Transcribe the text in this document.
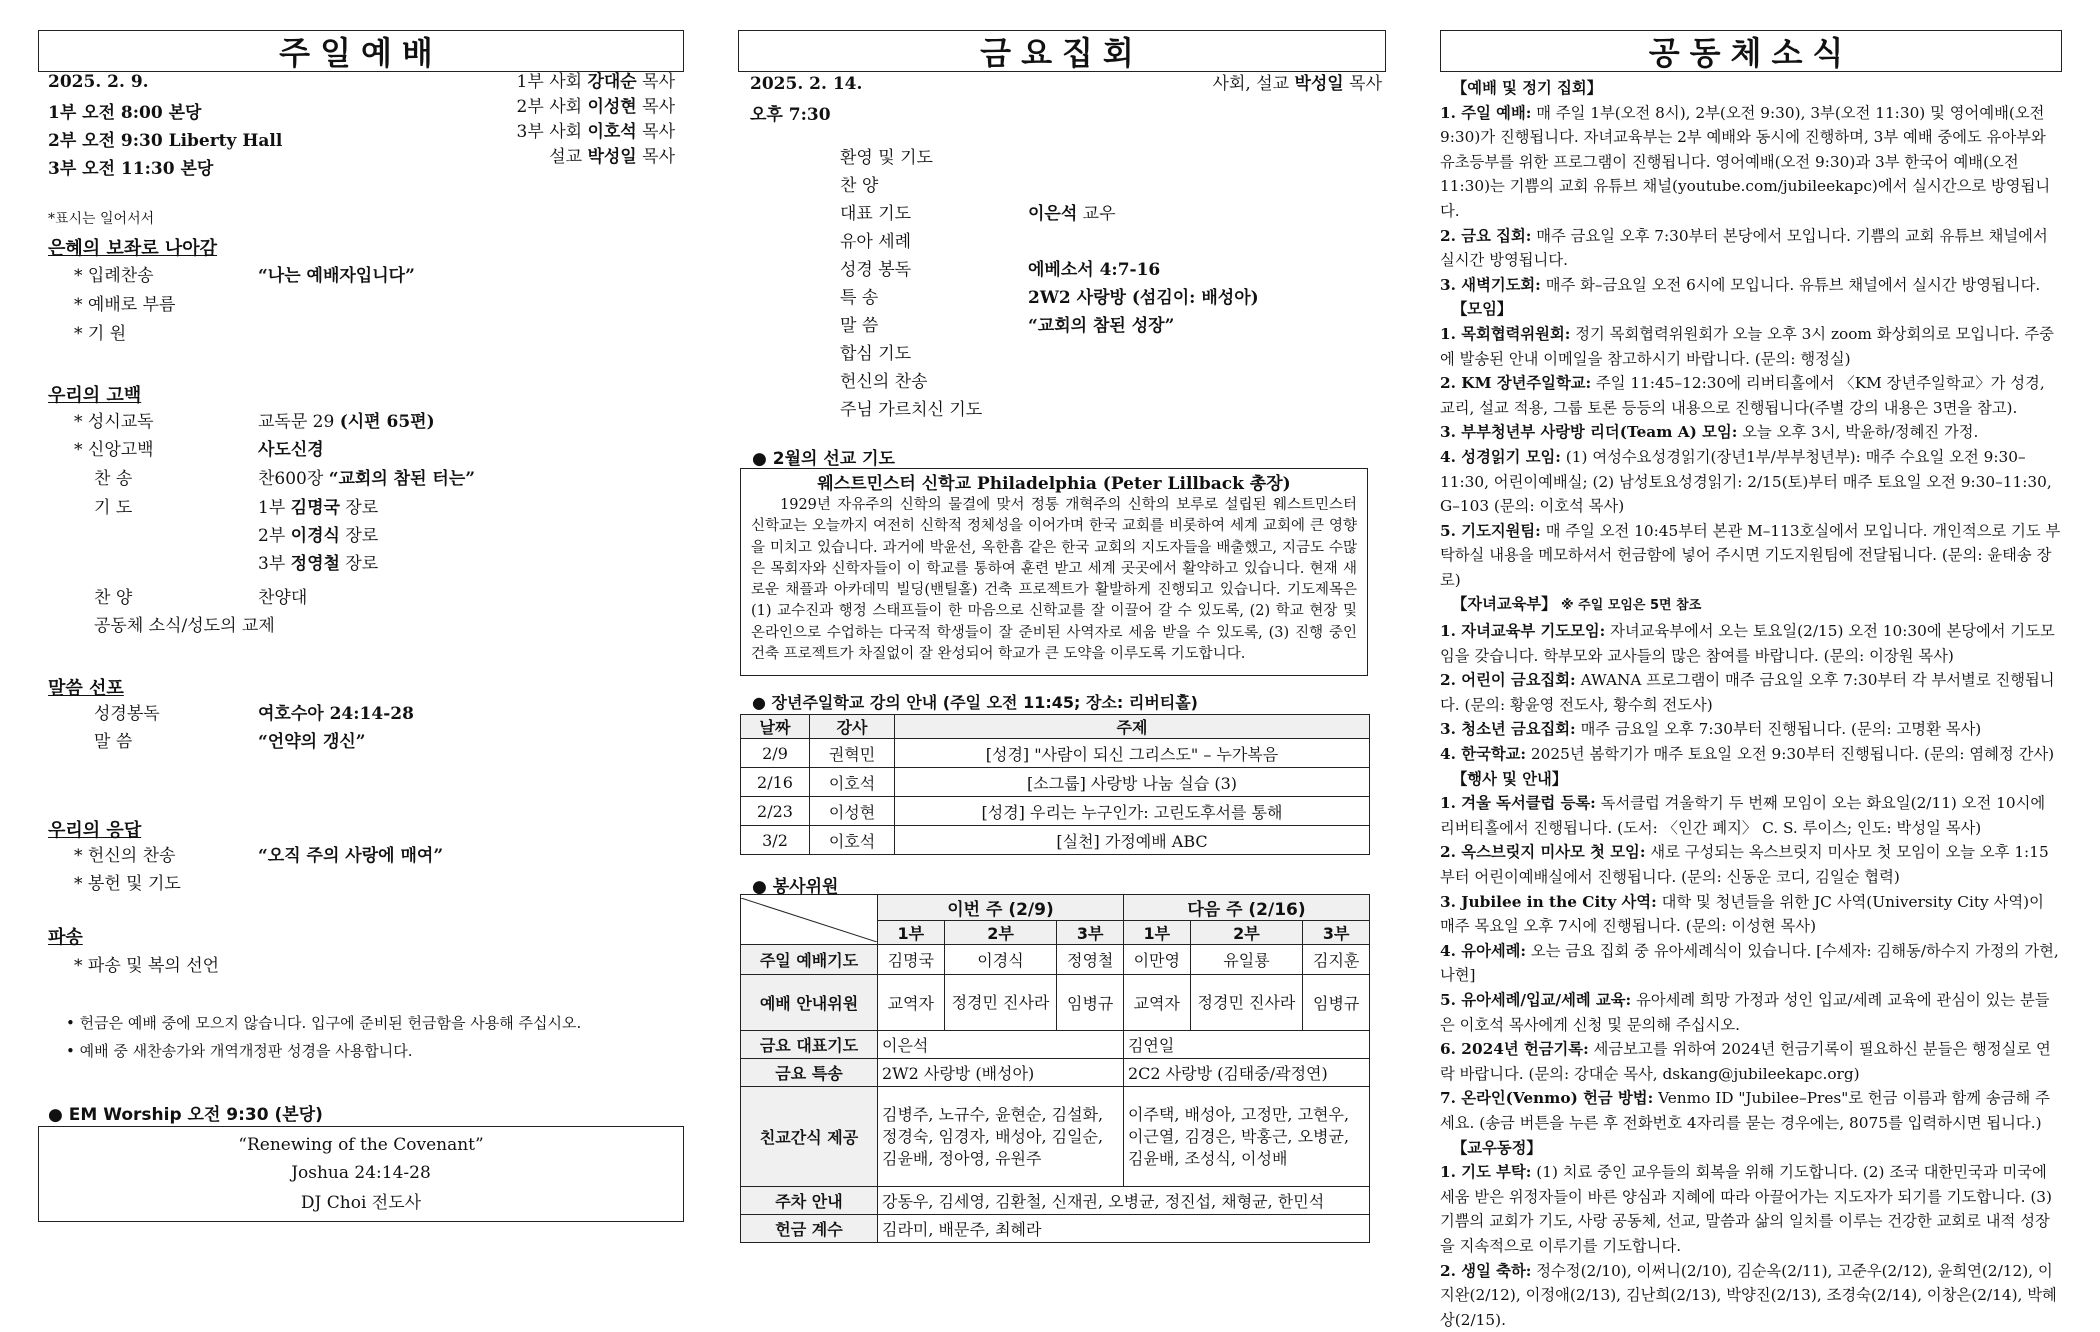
주일예배
2025. 2. 9.
1부 오전 8:00 본당
2부 오전 9:30 Liberty Hall
3부 오전 11:30 본당
1부 사회 강대순 목사
2부 사회 이성현 목사
3부 사회 이호석 목사
설교 박성일 목사
*표시는 일어서서
은혜의 보좌로 나아감
* 입례찬송	“나는 예배자입니다”
* 예배로 부름
* 기 원
우리의 고백
* 성시교독	교독문 29 (시편 65편)
* 신앙고백	사도신경
찬 송	찬600장 “교회의 참된 터는”
기 도	1부 김명국 장로
2부 이경식 장로
3부 정영철 장로
찬 양	찬양대
공동체 소식/성도의 교제
말씀 선포
성경봉독	여호수아 24:14-28
말 씀	“언약의 갱신”
우리의 응답
* 헌신의 찬송	“오직 주의 사랑에 매여”
* 봉헌 및 기도
파송
* 파송 및 복의 선언
• 헌금은 예배 중에 모으지 않습니다. 입구에 준비된 헌금함을 사용해 주십시오.
• 예배 중 새찬송가와 개역개정판 성경을 사용합니다.
● EM Worship 오전 9:30 (본당)
“Renewing of the Covenant”
Joshua 24:14-28
DJ Choi 전도사
금요집회
2025. 2. 14.
오후 7:30
사회, 설교 박성일 목사
환영 및 기도
찬 양
대표 기도	이은석 교우
유아 세례
성경 봉독	에베소서 4:7-16
특 송	2W2 사랑방 (섬김이: 배성아)
말 씀	“교회의 참된 성장”
합심 기도
헌신의 찬송
주님 가르치신 기도
● 2월의 선교 기도
웨스트민스터 신학교 Philadelphia (Peter Lillback 총장)
1929년 자유주의 신학의 물결에 맞서 정통 개혁주의 신학의 보루로 설립된 웨스트민스터 신학교는 오늘까지 여전히 신학적 정체성을 이어가며 한국 교회를 비롯하여 세계 교회에 큰 영향을 미치고 있습니다. 과거에 박윤선, 옥한흠 같은 한국 교회의 지도자들을 배출했고, 지금도 수많은 목회자와 신학자들이 이 학교를 통하여 훈련 받고 세계 곳곳에서 활약하고 있습니다. 현재 새로운 채플과 아카데믹 빌딩(밴틸홀) 건축 프로젝트가 활발하게 진행되고 있습니다. 기도제목은 (1) 교수진과 행정 스태프들이 한 마음으로 신학교를 잘 이끌어 갈 수 있도록, (2) 학교 현장 및 온라인으로 수업하는 다국적 학생들이 잘 준비된 사역자로 세움 받을 수 있도록, (3) 진행 중인 건축 프로젝트가 차질없이 잘 완성되어 학교가 큰 도약을 이루도록 기도합니다.
● 장년주일학교 강의 안내 (주일 오전 11:45; 장소: 리버티홀)
날짜	강사	주제
2/9	권혁민	[성경] "사람이 되신 그리스도" – 누가복음
2/16	이호석	[소그룹] 사랑방 나눔 실습 (3)
2/23	이성현	[성경] 우리는 누구인가: 고린도후서를 통해
3/2	이호석	[실천] 가정예배 ABC
● 봉사위원
	이번 주 (2/9)			다음 주 (2/16)		
	1부	2부	3부	1부	2부	3부
주일 예배기도	김명국	이경식	정영철	이만영	유일룡	김지훈
예배 안내위원	교역자	정경민 진사라	임병규	교역자	정경민 진사라	임병규
금요 대표기도	이은석			김연일		
금요 특송	2W2 사랑방 (배성아)			2C2 사랑방 (김태중/곽정연)		
친교간식 제공	김병주, 노규수, 윤현순, 김설화, 정경숙, 임경자, 배성아, 김일순, 김윤배, 정아영, 유원주			이주택, 배성아, 고정만, 고현우, 이근열, 김경은, 박홍근, 오병균, 김윤배, 조성식, 이성배		
주차 안내	강동우, 김세영, 김환철, 신재권, 오병균, 정진섭, 채형균, 한민석					
헌금 계수	김라미, 배문주, 최혜라					
공동체소식

【예배 및 정기 집회】

1. 주일 예배: 매 주일 1부(오전 8시), 2부(오전 9:30), 3부(오전 11:30) 및 영어예배(오전 9:30)가 진행됩니다. 자녀교육부는 2부 예배와 동시에 진행하며, 3부 예배 중에도 유아부와 유초등부를 위한 프로그램이 진행됩니다. 영어예배(오전 9:30)과 3부 한국어 예배(오전 11:30)는 기쁨의 교회 유튜브 채널(youtube.com/jubileekapc)에서 실시간으로 방영됩니다.

2. 금요 집회: 매주 금요일 오후 7:30부터 본당에서 모입니다. 기쁨의 교회 유튜브 채널에서 실시간 방영됩니다.

3. 새벽기도회: 매주 화–금요일 오전 6시에 모입니다. 유튜브 채널에서 실시간 방영됩니다.

【모임】

1. 목회협력위원회: 정기 목회협력위원회가 오늘 오후 3시 zoom 화상회의로 모입니다. 주중에 발송된 안내 이메일을 참고하시기 바랍니다. (문의: 행정실)

2. KM 장년주일학교: 주일 11:45–12:30에 리버티홀에서 〈KM 장년주일학교〉가 성경, 교리, 설교 적용, 그룹 토론 등등의 내용으로 진행됩니다(주별 강의 내용은 3면을 참고).

3. 부부청년부 사랑방 리더(Team A) 모임: 오늘 오후 3시, 박윤하/정혜진 가정.

4. 성경읽기 모임: (1) 여성수요성경읽기(장년1부/부부청년부): 매주 수요일 오전 9:30–11:30, 어린이예배실; (2) 남성토요성경읽기: 2/15(토)부터 매주 토요일 오전 9:30–11:30, G–103 (문의: 이호석 목사)

5. 기도지원팀: 매 주일 오전 10:45부터 본관 M–113호실에서 모입니다. 개인적으로 기도 부탁하실 내용을 메모하셔서 헌금함에 넣어 주시면 기도지원팀에 전달됩니다. (문의: 윤태송 장로)

【자녀교육부】 ※ 주일 모임은 5면 참조

1. 자녀교육부 기도모임: 자녀교육부에서 오는 토요일(2/15) 오전 10:30에 본당에서 기도모임을 갖습니다. 학부모와 교사들의 많은 참여를 바랍니다. (문의: 이장원 목사)

2. 어린이 금요집회: AWANA 프로그램이 매주 금요일 오후 7:30부터 각 부서별로 진행됩니다. (문의: 황윤영 전도사, 황수희 전도사)

3. 청소년 금요집회: 매주 금요일 오후 7:30부터 진행됩니다. (문의: 고명환 목사)

4. 한국학교: 2025년 봄학기가 매주 토요일 오전 9:30부터 진행됩니다. (문의: 염혜정 간사)

【행사 및 안내】

1. 겨울 독서클럽 등록: 독서클럽 겨울학기 두 번째 모임이 오는 화요일(2/11) 오전 10시에 리버티홀에서 진행됩니다. (도서: 〈인간 폐지〉 C. S. 루이스; 인도: 박성일 목사)

2. 옥스브릿지 미사모 첫 모임: 새로 구성되는 옥스브릿지 미사모 첫 모임이 오늘 오후 1:15부터 어린이예배실에서 진행됩니다. (문의: 신동운 코디, 김일순 협력)

3. Jubilee in the City 사역: 대학 및 청년들을 위한 JC 사역(University City 사역)이 매주 목요일 오후 7시에 진행됩니다. (문의: 이성현 목사)

4. 유아세례: 오는 금요 집회 중 유아세례식이 있습니다. [수세자: 김해동/하수지 가정의 가현, 나현]

5. 유아세례/입교/세례 교육: 유아세례 희망 가정과 성인 입교/세례 교육에 관심이 있는 분들은 이호석 목사에게 신청 및 문의해 주십시오.

6. 2024년 헌금기록: 세금보고를 위하여 2024년 헌금기록이 필요하신 분들은 행정실로 연락 바랍니다. (문의: 강대순 목사, dskang@jubileekapc.org)

7. 온라인(Venmo) 헌금 방법: Venmo ID "Jubilee–Pres"로 헌금 이름과 함께 송금해 주세요. (송금 버튼을 누른 후 전화번호 4자리를 묻는 경우에는, 8075를 입력하시면 됩니다.)

【교우동정】

1. 기도 부탁: (1) 치료 중인 교우들의 회복을 위해 기도합니다. (2) 조국 대한민국과 미국에 세움 받은 위정자들이 바른 양심과 지혜에 따라 아끌어가는 지도자가 되기를 기도합니다. (3) 기쁨의 교회가 기도, 사랑 공동체, 선교, 말씀과 삶의 일치를 이루는 건강한 교회로 내적 성장을 지속적으로 이루기를 기도합니다.

2. 생일 축하: 정수정(2/10), 이써니(2/10), 김순옥(2/11), 고준우(2/12), 윤희연(2/12), 이지완(2/12), 이정애(2/13), 김난희(2/13), 박양진(2/13), 조경숙(2/14), 이창은(2/14), 박혜상(2/15).
